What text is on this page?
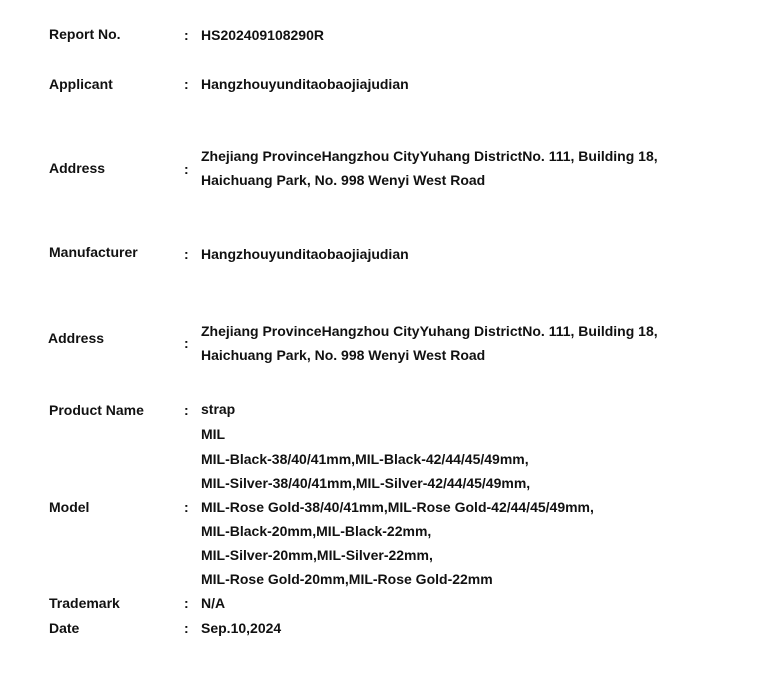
Report No.	: HS202409108290R
Applicant	: Hangzhouyunditaobaojiajudian
Address	:
Zhejiang ProvinceHangzhou CityYuhang DistrictNo. 111, Building 18,
Haichuang Park, No. 998 Wenyi West Road
Manufacturer	: Hangzhouyunditaobaojiajudian
Address	:
Zhejiang ProvinceHangzhou CityYuhang DistrictNo. 111, Building 18,
Haichuang Park, No. 998 Wenyi West Road
Product Name	: strap
Model	:
MIL
MIL-Black-38/40/41mm,MIL-Black-42/44/45/49mm,
MIL-Silver-38/40/41mm,MIL-Silver-42/44/45/49mm,
MIL-Rose Gold-38/40/41mm,MIL-Rose Gold-42/44/45/49mm,
MIL-Black-20mm,MIL-Black-22mm,
MIL-Silver-20mm,MIL-Silver-22mm,
MIL-Rose Gold-20mm,MIL-Rose Gold-22mm
Trademark	: N/A
Date	: Sep.10,2024
